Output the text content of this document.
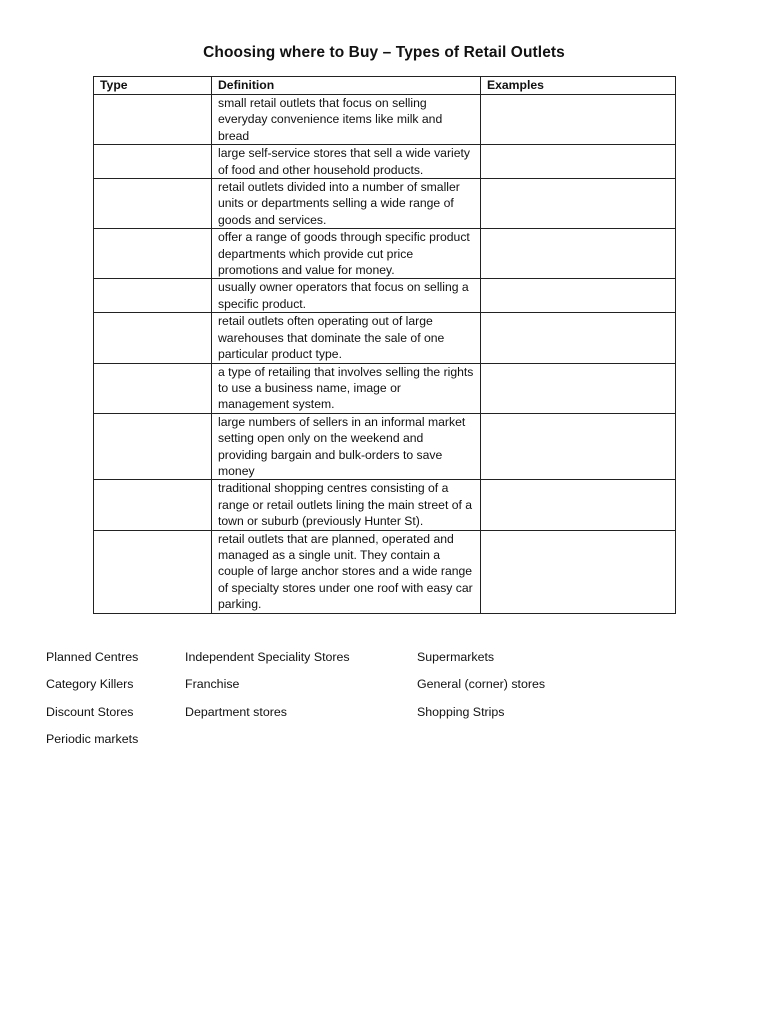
Choosing where to Buy – Types of Retail Outlets
Type	Definition	Examples
	small retail outlets that focus on selling everyday convenience items like milk and bread	
	large self-service stores that sell a wide variety of food and other household products.	
	retail outlets divided into a number of smaller units or departments selling a wide range of goods and services.	
	offer a range of goods through specific product departments which provide cut price promotions and value for money.	
	usually owner operators that focus on selling a specific product.	
	retail outlets often operating out of large warehouses that dominate the sale of one particular product type.	
	a type of retailing that involves selling the rights to use a business name, image or management system.	
	large numbers of sellers in an informal market setting open only on the weekend and providing bargain and bulk-orders to save money	
	traditional shopping centres consisting of a range or retail outlets lining the main street of a town or suburb (previously Hunter St).	
	retail outlets that are planned, operated and managed as a single unit. They contain a couple of large anchor stores and a wide range of specialty stores under one roof with easy car parking.	
Planned Centres	Independent Speciality Stores	Supermarkets
Category Killers	Franchise	General (corner) stores
Discount Stores	Department stores	Shopping Strips
Periodic markets
